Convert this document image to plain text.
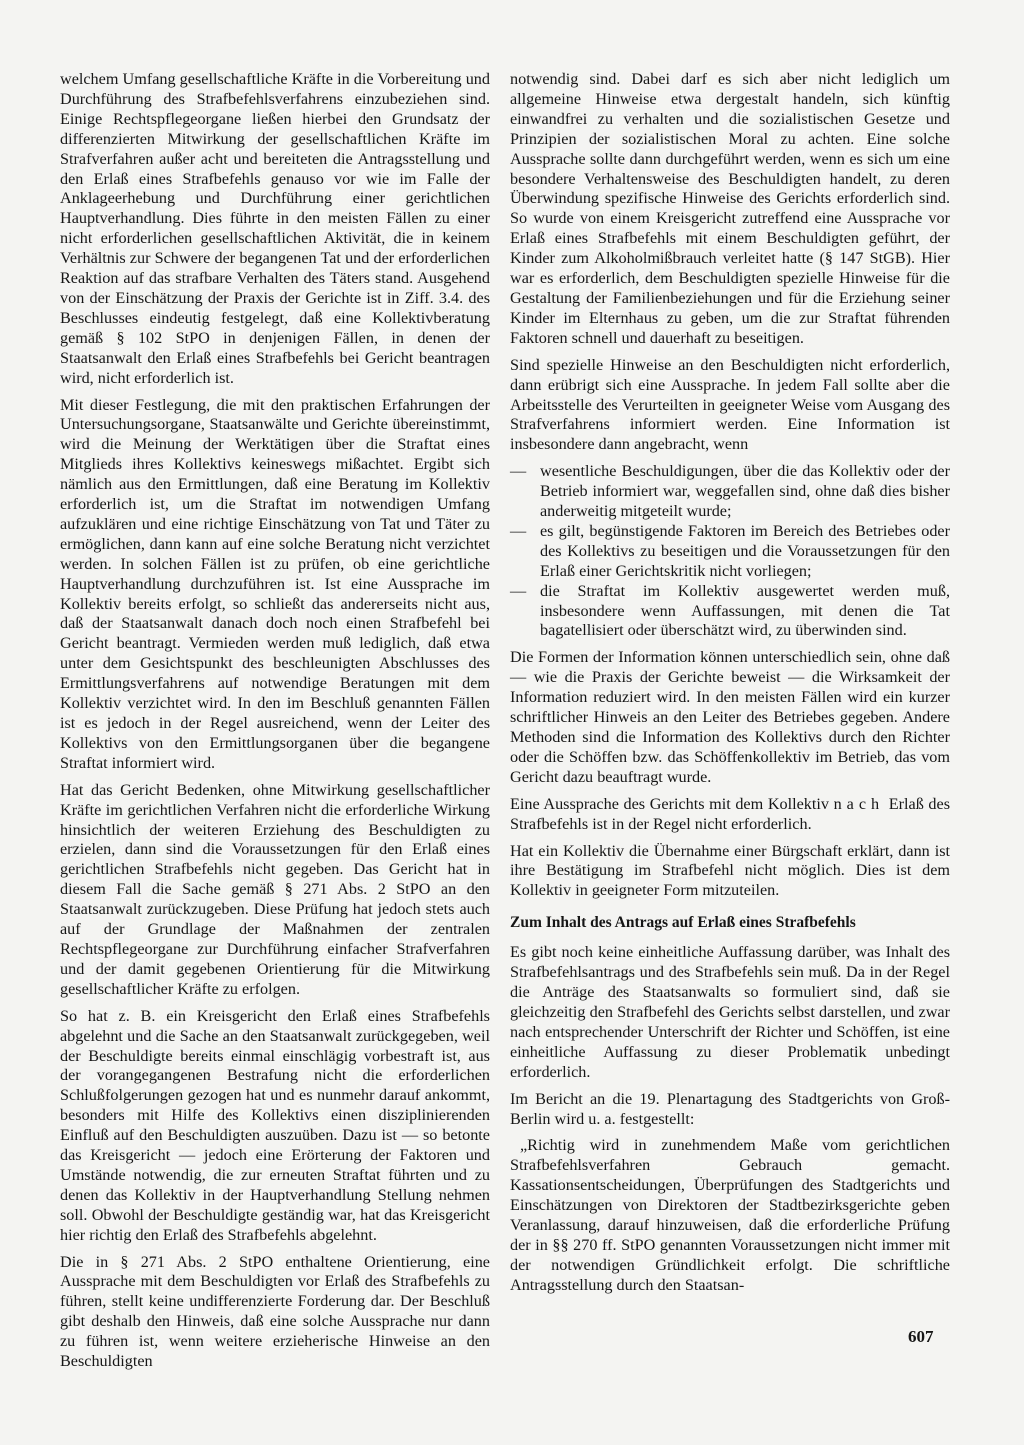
welchem Umfang gesellschaftliche Kräfte in die Vorbereitung und Durchführung des Strafbefehlsverfahrens einzubeziehen sind. Einige Rechtspflegeorgane ließen hierbei den Grundsatz der differenzierten Mitwirkung der gesellschaftlichen Kräfte im Strafverfahren außer acht und bereiteten die Antragsstellung und den Erlaß eines Strafbefehls genauso vor wie im Falle der Anklageerhebung und Durchführung einer gerichtlichen Hauptverhandlung. Dies führte in den meisten Fällen zu einer nicht erforderlichen gesellschaftlichen Aktivität, die in keinem Verhältnis zur Schwere der begangenen Tat und der erforderlichen Reaktion auf das strafbare Verhalten des Täters stand. Ausgehend von der Einschätzung der Praxis der Gerichte ist in Ziff. 3.4. des Beschlusses eindeutig festgelegt, daß eine Kollektivberatung gemäß § 102 StPO in denjenigen Fällen, in denen der Staatsanwalt den Erlaß eines Strafbefehls bei Gericht beantragen wird, nicht erforderlich ist.

Mit dieser Festlegung, die mit den praktischen Erfahrungen der Untersuchungsorgane, Staatsanwälte und Gerichte übereinstimmt, wird die Meinung der Werktätigen über die Straftat eines Mitglieds ihres Kollektivs keineswegs mißachtet. Ergibt sich nämlich aus den Ermittlungen, daß eine Beratung im Kollektiv erforderlich ist, um die Straftat im notwendigen Umfang aufzuklären und eine richtige Einschätzung von Tat und Täter zu ermöglichen, dann kann auf eine solche Beratung nicht verzichtet werden. In solchen Fällen ist zu prüfen, ob eine gerichtliche Hauptverhandlung durchzuführen ist. Ist eine Aussprache im Kollektiv bereits erfolgt, so schließt das andererseits nicht aus, daß der Staatsanwalt danach doch noch einen Strafbefehl bei Gericht beantragt. Vermieden werden muß lediglich, daß etwa unter dem Gesichtspunkt des beschleunigten Abschlusses des Ermittlungsverfahrens auf notwendige Beratungen mit dem Kollektiv verzichtet wird. In den im Beschluß genannten Fällen ist es jedoch in der Regel ausreichend, wenn der Leiter des Kollektivs von den Ermittlungsorganen über die begangene Straftat informiert wird.

Hat das Gericht Bedenken, ohne Mitwirkung gesellschaftlicher Kräfte im gerichtlichen Verfahren nicht die erforderliche Wirkung hinsichtlich der weiteren Erziehung des Beschuldigten zu erzielen, dann sind die Voraussetzungen für den Erlaß eines gerichtlichen Strafbefehls nicht gegeben. Das Gericht hat in diesem Fall die Sache gemäß § 271 Abs. 2 StPO an den Staatsanwalt zurückzugeben. Diese Prüfung hat jedoch stets auch auf der Grundlage der Maßnahmen der zentralen Rechtspflegeorgane zur Durchführung einfacher Strafverfahren und der damit gegebenen Orientierung für die Mitwirkung gesellschaftlicher Kräfte zu erfolgen.

So hat z. B. ein Kreisgericht den Erlaß eines Strafbefehls abgelehnt und die Sache an den Staatsanwalt zurückgegeben, weil der Beschuldigte bereits einmal einschlägig vorbestraft ist, aus der vorangegangenen Bestrafung nicht die erforderlichen Schlußfolgerungen gezogen hat und es nunmehr darauf ankommt, besonders mit Hilfe des Kollektivs einen disziplinierenden Einfluß auf den Beschuldigten auszuüben. Dazu ist — so betonte das Kreisgericht — jedoch eine Erörterung der Faktoren und Umstände notwendig, die zur erneuten Straftat führten und zu denen das Kollektiv in der Hauptverhandlung Stellung nehmen soll. Obwohl der Beschuldigte geständig war, hat das Kreisgericht hier richtig den Erlaß des Strafbefehls abgelehnt.

Die in § 271 Abs. 2 StPO enthaltene Orientierung, eine Aussprache mit dem Beschuldigten vor Erlaß des Strafbefehls zu führen, stellt keine undifferenzierte Forderung dar. Der Beschluß gibt deshalb den Hinweis, daß eine solche Aussprache nur dann zu führen ist, wenn weitere erzieherische Hinweise an den Beschuldigten

notwendig sind. Dabei darf es sich aber nicht lediglich um allgemeine Hinweise etwa dergestalt handeln, sich künftig einwandfrei zu verhalten und die sozialistischen Gesetze und Prinzipien der sozialistischen Moral zu achten. Eine solche Aussprache sollte dann durchgeführt werden, wenn es sich um eine besondere Verhaltensweise des Beschuldigten handelt, zu deren Überwindung spezifische Hinweise des Gerichts erforderlich sind. So wurde von einem Kreisgericht zutreffend eine Aussprache vor Erlaß eines Strafbefehls mit einem Beschuldigten geführt, der Kinder zum Alkoholmißbrauch verleitet hatte (§ 147 StGB). Hier war es erforderlich, dem Beschuldigten spezielle Hinweise für die Gestaltung der Familienbeziehungen und für die Erziehung seiner Kinder im Elternhaus zu geben, um die zur Straftat führenden Faktoren schnell und dauerhaft zu beseitigen.

Sind spezielle Hinweise an den Beschuldigten nicht erforderlich, dann erübrigt sich eine Aussprache. In jedem Fall sollte aber die Arbeitsstelle des Verurteilten in geeigneter Weise vom Ausgang des Strafverfahrens informiert werden. Eine Information ist insbesondere dann angebracht, wenn

— wesentliche Beschuldigungen, über die das Kollektiv oder der Betrieb informiert war, weggefallen sind, ohne daß dies bisher anderweitig mitgeteilt wurde;
— es gilt, begünstigende Faktoren im Bereich des Betriebes oder des Kollektivs zu beseitigen und die Voraussetzungen für den Erlaß einer Gerichtskritik nicht vorliegen;
— die Straftat im Kollektiv ausgewertet werden muß, insbesondere wenn Auffassungen, mit denen die Tat bagatellisiert oder überschätzt wird, zu überwinden sind.

Die Formen der Information können unterschiedlich sein, ohne daß — wie die Praxis der Gerichte beweist — die Wirksamkeit der Information reduziert wird. In den meisten Fällen wird ein kurzer schriftlicher Hinweis an den Leiter des Betriebes gegeben. Andere Methoden sind die Information des Kollektivs durch den Richter oder die Schöffen bzw. das Schöffenkollektiv im Betrieb, das vom Gericht dazu beauftragt wurde.

Eine Aussprache des Gerichts mit dem Kollektiv nach Erlaß des Strafbefehls ist in der Regel nicht erforderlich.

Hat ein Kollektiv die Übernahme einer Bürgschaft erklärt, dann ist ihre Bestätigung im Strafbefehl nicht möglich. Dies ist dem Kollektiv in geeigneter Form mitzuteilen.

Zum Inhalt des Antrags auf Erlaß eines Strafbefehls

Es gibt noch keine einheitliche Auffassung darüber, was Inhalt des Strafbefehlsantrags und des Strafbefehls sein muß. Da in der Regel die Anträge des Staatsanwalts so formuliert sind, daß sie gleichzeitig den Strafbefehl des Gerichts selbst darstellen, und zwar nach entsprechender Unterschrift der Richter und Schöffen, ist eine einheitliche Auffassung zu dieser Problematik unbedingt erforderlich.

Im Bericht an die 19. Plenartagung des Stadtgerichts von Groß-Berlin wird u. a. festgestellt:

„Richtig wird in zunehmendem Maße vom gerichtlichen Strafbefehlsverfahren Gebrauch gemacht. Kassationsentscheidungen, Überprüfungen des Stadtgerichts und Einschätzungen von Direktoren der Stadtbezirksgerichte geben Veranlassung, darauf hinzuweisen, daß die erforderliche Prüfung der in §§ 270 ff. StPO genannten Voraussetzungen nicht immer mit der notwendigen Gründlichkeit erfolgt. Die schriftliche Antragsstellung durch den Staatsan-

607
